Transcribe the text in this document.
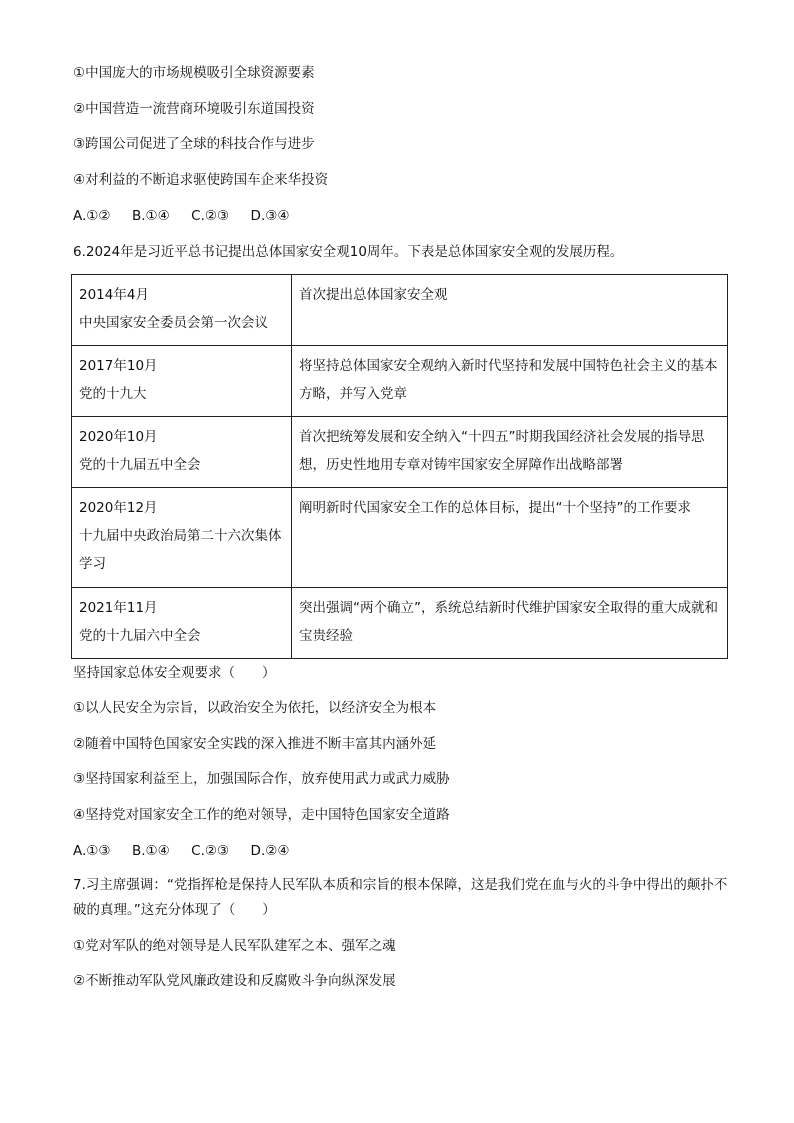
①中国庞大的市场规模吸引全球资源要素
②中国营造一流营商环境吸引东道国投资
③跨国公司促进了全球的科技合作与进步
④对利益的不断追求驱使跨国车企来华投资
A.①②     B.①④     C.②③     D.③④
6.2024年是习近平总书记提出总体国家安全观10周年。下表是总体国家安全观的发展历程。
2014年4月
中央国家安全委员会第一次会议	首次提出总体国家安全观

2017年10月
党的十九大	将坚持总体国家安全观纳入新时代坚持和发展中国特色社会主义的基本方略，并写入党章

2020年10月
党的十九届五中全会	首次把统筹发展和安全纳入“十四五”时期我国经济社会发展的指导思想，历史性地用专章对铸牢国家安全屏障作出战略部署

2020年12月
十九届中央政治局第二十六次集体学习	阐明新时代国家安全工作的总体目标，提出“十个坚持”的工作要求

2021年11月
党的十九届六中全会	突出强调“两个确立”，系统总结新时代维护国家安全取得的重大成就和宝贵经验
坚持国家总体安全观要求（　　）
①以人民安全为宗旨，以政治安全为依托，以经济安全为根本
②随着中国特色国家安全实践的深入推进不断丰富其内涵外延
③坚持国家利益至上，加强国际合作，放弃使用武力或武力威胁
④坚持党对国家安全工作的绝对领导，走中国特色国家安全道路
A.①③     B.①④     C.②③     D.②④
7.习主席强调：“党指挥枪是保持人民军队本质和宗旨的根本保障，这是我们党在血与火的斗争中得出的颠扑不破的真理。”这充分体现了（　　）
①党对军队的绝对领导是人民军队建军之本、强军之魂
②不断推动军队党风廉政建设和反腐败斗争向纵深发展
